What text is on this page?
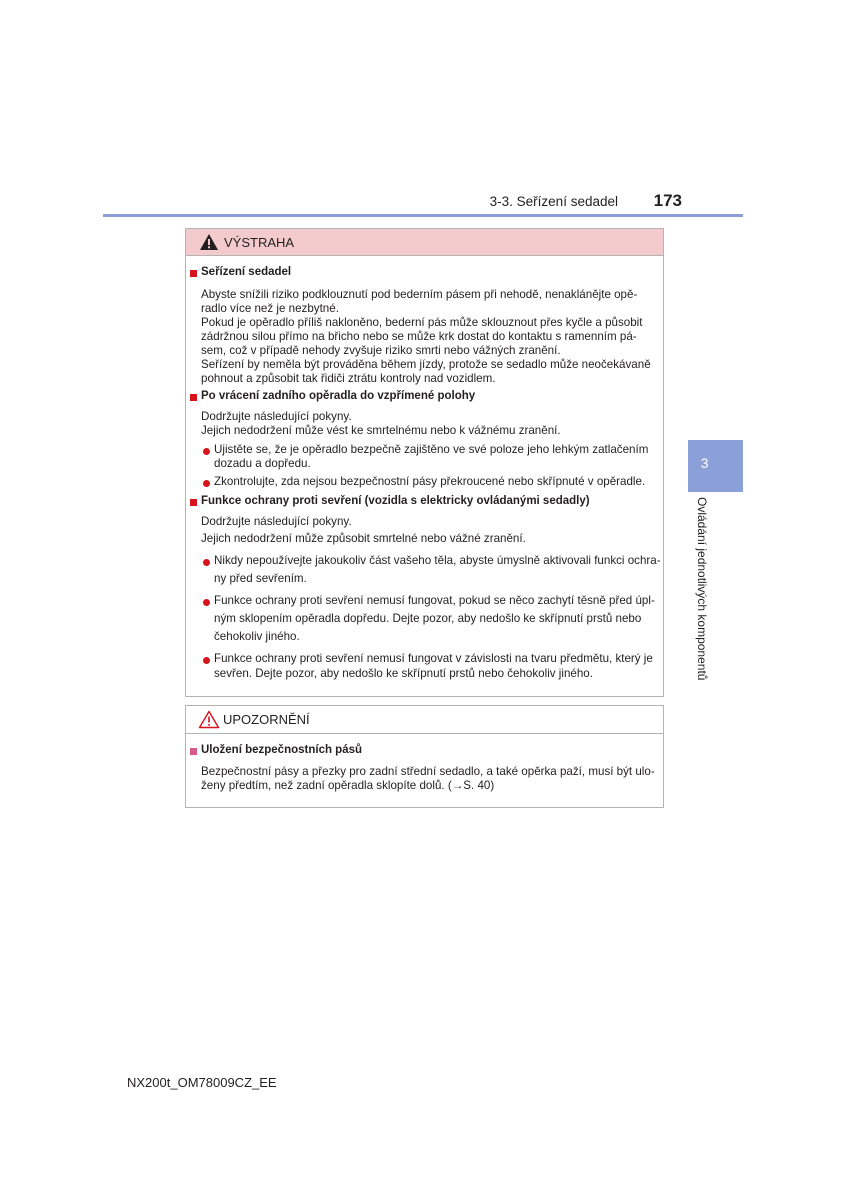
3-3. Seřízení sedadel	173
3
Ovládání jednotlivých komponentů
VÝSTRAHA
Seřízení sedadel
Abyste snížili riziko podklouznutí pod bederním pásem při nehodě, nenaklánějte opě-
radlo více než je nezbytné.
Pokud je opěradlo příliš nakloněno, bederní pás může sklouznout přes kyčle a působit
zádržnou silou přímo na břicho nebo se může krk dostat do kontaktu s ramenním pá-
sem, což v případě nehody zvyšuje riziko smrti nebo vážných zranění.
Seřízení by neměla být prováděna během jízdy, protože se sedadlo může neočekávaně
pohnout a způsobit tak řidiči ztrátu kontroly nad vozidlem.
Po vrácení zadního opěradla do vzpřímené polohy
Dodržujte následující pokyny.
Jejich nedodržení může vést ke smrtelnému nebo k vážnému zranění.
Ujistěte se, že je opěradlo bezpečně zajištěno ve své poloze jeho lehkým zatlačením
dozadu a dopředu.
Zkontrolujte, zda nejsou bezpečnostní pásy překroucené nebo skřípnuté v opěradle.
Funkce ochrany proti sevření (vozidla s elektricky ovládanými sedadly)
Dodržujte následující pokyny.
Jejich nedodržení může způsobit smrtelné nebo vážné zranění.
Nikdy nepoužívejte jakoukoliv část vašeho těla, abyste úmyslně aktivovali funkci ochra-
ny před sevřením.
Funkce ochrany proti sevření nemusí fungovat, pokud se něco zachytí těsně před úpl-
ným sklopením opěradla dopředu. Dejte pozor, aby nedošlo ke skřípnutí prstů nebo
čehokoliv jiného.
Funkce ochrany proti sevření nemusí fungovat v závislosti na tvaru předmětu, který je
sevřen. Dejte pozor, aby nedošlo ke skřípnutí prstů nebo čehokoliv jiného.
UPOZORNĚNÍ
Uložení bezpečnostních pásů
Bezpečnostní pásy a přezky pro zadní střední sedadlo, a také opěrka paží, musí být ulo-
ženy předtím, než zadní opěradla sklopíte dolů. (→S. 40)
NX200t_OM78009CZ_EE
